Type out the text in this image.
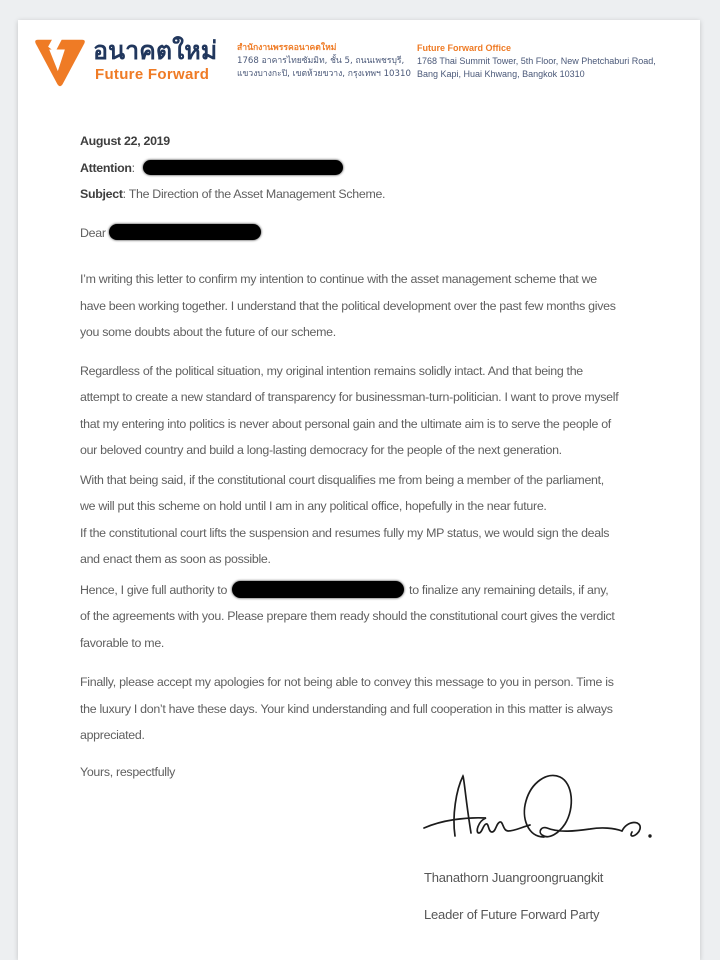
อนาคตใหม่
Future Forward
สำนักงานพรรคอนาคตใหม่
1768 อาคารไทยซัมมิท, ชั้น 5, ถนนเพชรบุรี,
แขวงบางกะปิ, เขตห้วยขวาง, กรุงเทพฯ 10310
Future Forward Office
1768 Thai Summit Tower, 5th Floor, New Phetchaburi Road,
Bang Kapi, Huai Khwang, Bangkok 10310
August 22, 2019
Attention:
Subject: The Direction of the Asset Management Scheme.
Dear
I’m writing this letter to confirm my intention to continue with the asset management scheme that we
have been working together. I understand that the political development over the past few months gives
you some doubts about the future of our scheme.
Regardless of the political situation, my original intention remains solidly intact. And that being the
attempt to create a new standard of transparency for businessman-turn-politician. I want to prove myself
that my entering into politics is never about personal gain and the ultimate aim is to serve the people of
our beloved country and build a long-lasting democracy for the people of the next generation.
With that being said, if the constitutional court disqualifies me from being a member of the parliament,
we will put this scheme on hold until I am in any political office, hopefully in the near future.
If the constitutional court lifts the suspension and resumes fully my MP status, we would sign the deals
and enact them as soon as possible.
Hence, I give full authority to	to finalize any remaining details, if any,
of the agreements with you. Please prepare them ready should the constitutional court gives the verdict
favorable to me.
Finally, please accept my apologies for not being able to convey this message to you in person. Time is
the luxury I don’t have these days. Your kind understanding and full cooperation in this matter is always
appreciated.
Yours, respectfully
Thanathorn Juangroongruangkit
Leader of Future Forward Party
